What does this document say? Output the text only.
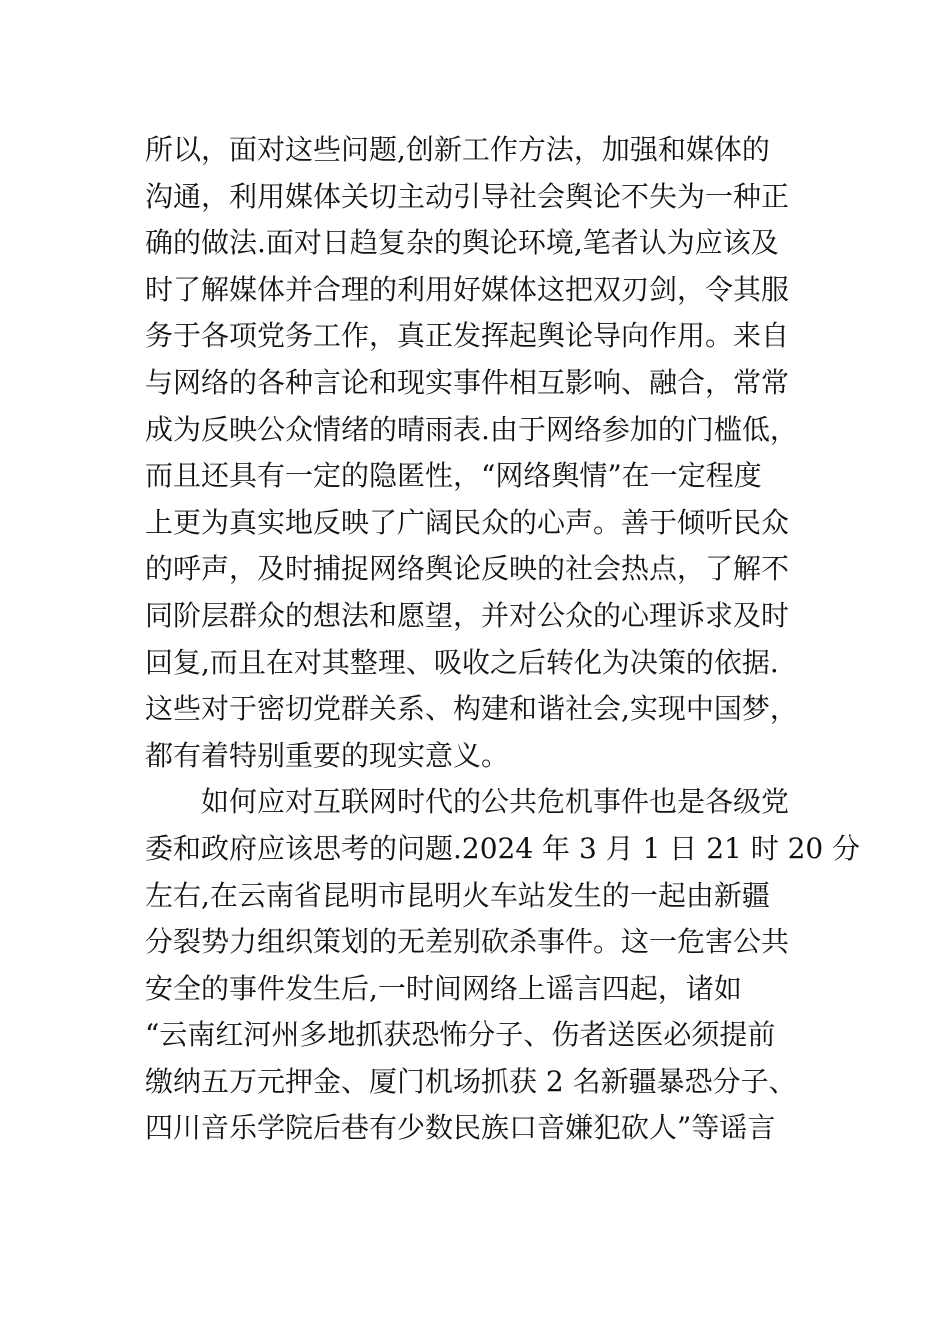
所以，面对这些问题,创新工作方法，加强和媒体的
沟通，利用媒体关切主动引导社会舆论不失为一种正
确的做法.面对日趋复杂的舆论环境,笔者认为应该及
时了解媒体并合理的利用好媒体这把双刃剑，令其服
务于各项党务工作，真正发挥起舆论导向作用。来自
与网络的各种言论和现实事件相互影响、融合，常常
成为反映公众情绪的晴雨表.由于网络参加的门槛低，
而且还具有一定的隐匿性，“网络舆情”在一定程度
上更为真实地反映了广阔民众的心声。善于倾听民众
的呼声，及时捕捉网络舆论反映的社会热点，了解不
同阶层群众的想法和愿望，并对公众的心理诉求及时
回复,而且在对其整理、吸收之后转化为决策的依据.
这些对于密切党群关系、构建和谐社会,实现中国梦，
都有着特别重要的现实意义。
　　如何应对互联网时代的公共危机事件也是各级党
委和政府应该思考的问题.2024 年 3 月 1 日 21 时 20 分
左右,在云南省昆明市昆明火车站发生的一起由新疆
分裂势力组织策划的无差别砍杀事件。这一危害公共
安全的事件发生后,一时间网络上谣言四起，诸如
“云南红河州多地抓获恐怖分子、伤者送医必须提前
缴纳五万元押金、厦门机场抓获 2 名新疆暴恐分子、
四川音乐学院后巷有少数民族口音嫌犯砍人”等谣言
